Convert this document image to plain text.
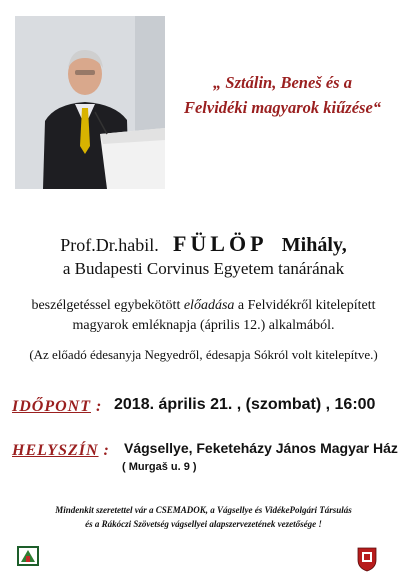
„ Sztálin, Beneš és a
Felvidéki magyarok kiűzése“
Prof.Dr.habil. FÜLÖP Mihály,
a Budapesti Corvinus Egyetem tanárának
beszélgetéssel egybekötött előadása a Felvidékről kitelepített
magyarok emléknapja (április 12.) alkalmából.
(Az előadó édesanyja Negyedről, édesapja Sókról volt kitelepítve.)
IDŐPONT : 2018. április 21. , (szombat) , 16:00
HELYSZÍN : Vágsellye, Feketeházy János Magyar Ház
( Murgaš u. 9 )
Mindenkit szeretettel vár a CSEMADOK, a Vágsellye és VidékePolgári Társulás
és a Rákóczi Szövetség vágsellyei alapszervezetének vezetősége !
